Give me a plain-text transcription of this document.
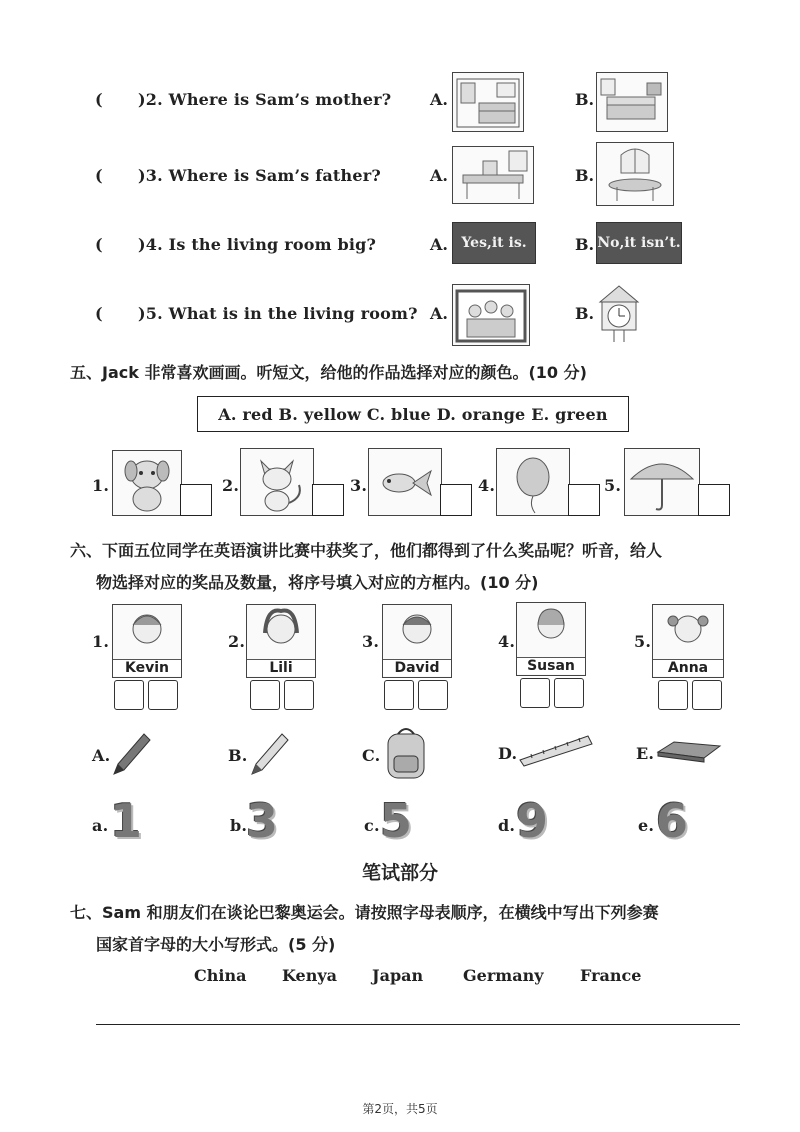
( )2. Where is Sam’s mother? A.	B.
( )3. Where is Sam’s father?	A.	B.
( )4. Is the living room big?	A. Yes,it is.	B. No,it isn’t.
( )5. What is in the living room? A.	B.
五、Jack 非常喜欢画画。听短文，给他的作品选择对应的颜色。(10 分)
A. red B. yellow C. blue D. orange E. green
1.	2.	3.	4.	5.
六、下面五位同学在英语演讲比赛中获奖了，他们都得到了什么奖品呢？听音，给人
物选择对应的奖品及数量，将序号填入对应的方框内。(10 分)
1.
Kevin
2.
Lili
3.
David
4.
Susan
5.
Anna
A.	B.	C.	D.	E.
a. 1	b.
3	c. 5	d. 9	e. 6
笔试部分
七、Sam 和朋友们在谈论巴黎奥运会。请按照字母表顺序，在横线中写出下列参赛
国家首字母的大小写形式。(5 分)
China Kenya Japan Germany France
第2页，共5页
